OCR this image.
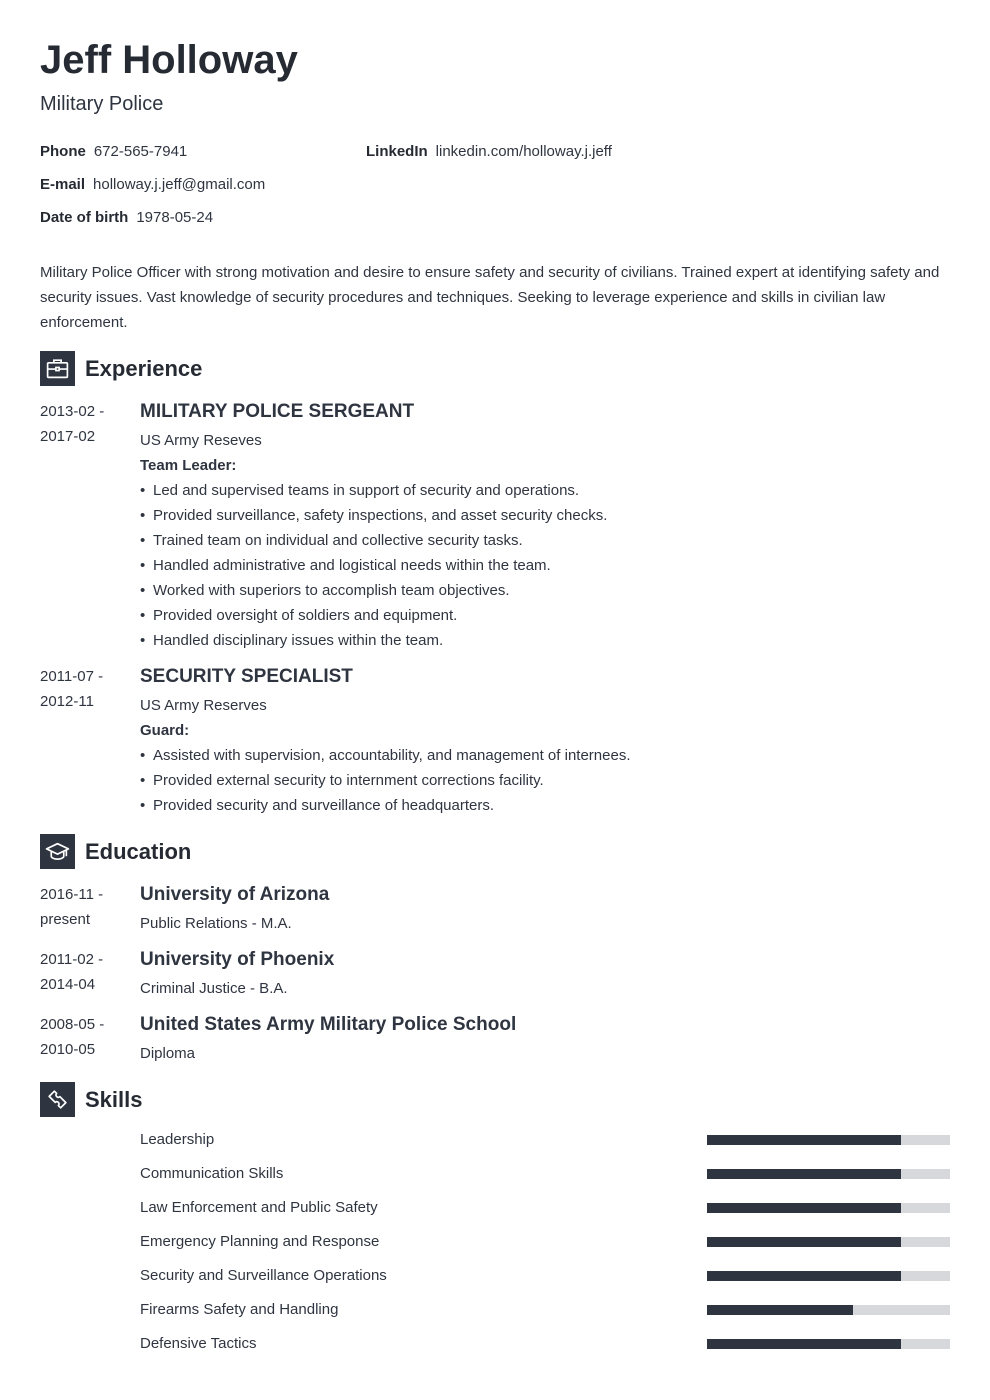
Jeff Holloway
Military Police
Phone 672-565-7941	LinkedIn linkedin.com/holloway.j.jeff
E-mail holloway.j.jeff@gmail.com
Date of birth 1978-05-24
Military Police Officer with strong motivation and desire to ensure safety and security of civilians. Trained expert at identifying safety and security issues. Vast knowledge of security procedures and techniques. Seeking to leverage experience and skills in civilian law enforcement.
Experience
2013-02 -
2017-02
MILITARY POLICE SERGEANT
US Army Reseves
Team Leader:
• Led and supervised teams in support of security and operations.
• Provided surveillance, safety inspections, and asset security checks.
• Trained team on individual and collective security tasks.
• Handled administrative and logistical needs within the team.
• Worked with superiors to accomplish team objectives.
• Provided oversight of soldiers and equipment.
• Handled disciplinary issues within the team.
2011-07 -
2012-11
SECURITY SPECIALIST
US Army Reserves
Guard:
• Assisted with supervision, accountability, and management of internees.
• Provided external security to internment corrections facility.
• Provided security and surveillance of headquarters.
Education
2016-11 -
present
University of Arizona
Public Relations - M.A.
2011-02 -
2014-04
University of Phoenix
Criminal Justice - B.A.
2008-05 -
2010-05
United States Army Military Police School
Diploma
Skills
Leadership
Communication Skills
Law Enforcement and Public Safety
Emergency Planning and Response
Security and Surveillance Operations
Firearms Safety and Handling
Defensive Tactics
